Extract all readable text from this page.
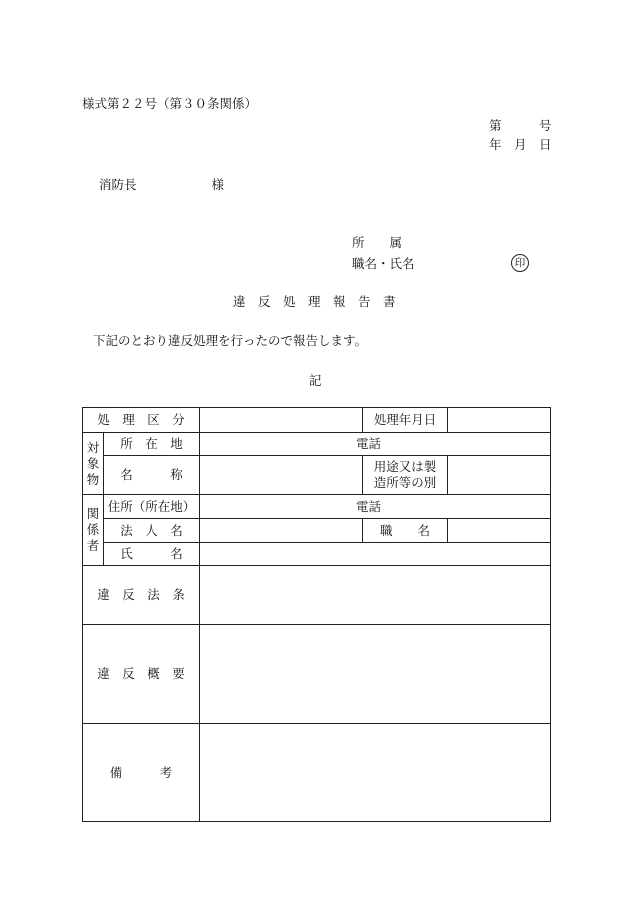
様式第２２号（第３０条関係）
第　　　号
年　月　日
消防長　　　　　　様
所　　属
職名・氏名	印
違　反　処　理　報　告　書
下記のとおり違反処理を行ったので報告します。
記
処　理　区　分			処理年月日	

対
象
物	所　在　地	電話		
	名　　　称		用途又は製
造所等の別	

関
係
者	住所（所在地）	電話		
	法　人　名		職　　名	
	氏　　　名			
違　反　法　条				
違　反　概　要				
備　　　考				
